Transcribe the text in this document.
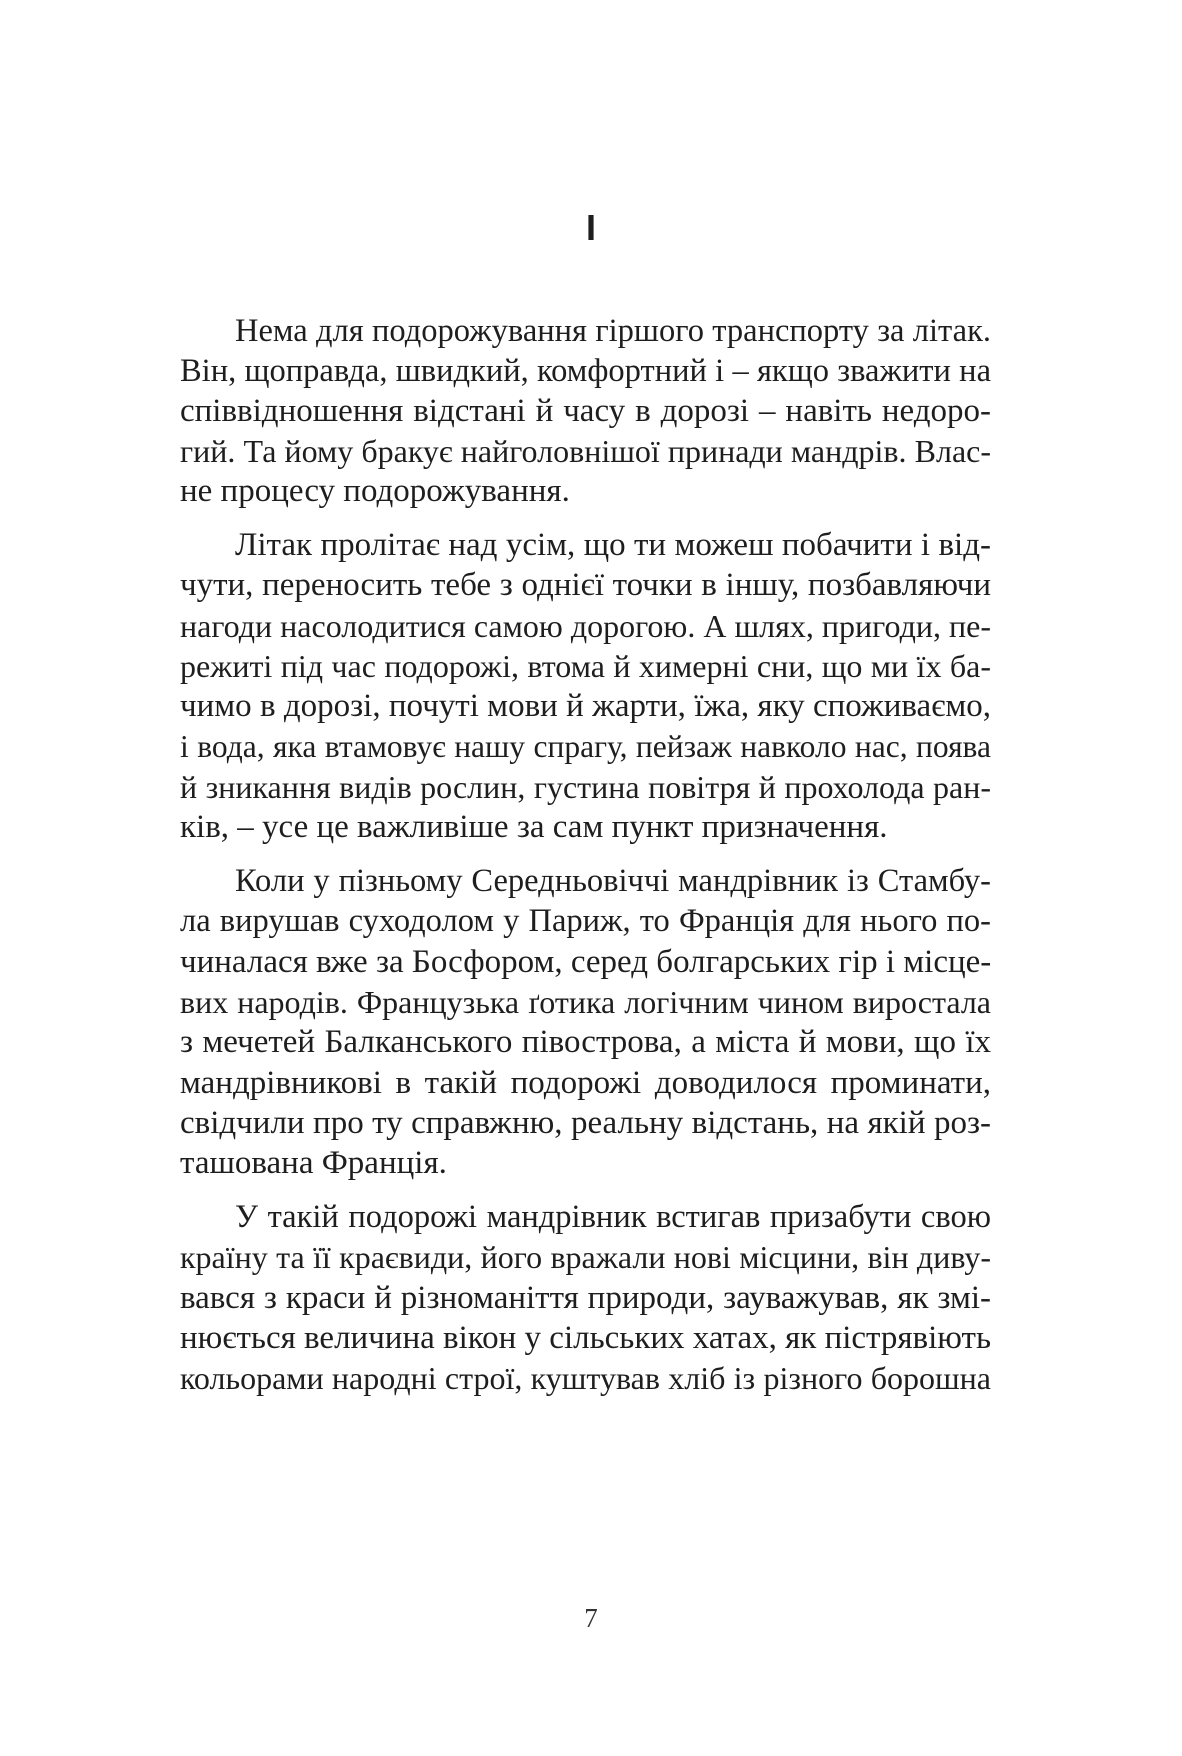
I
Нема для подорожування гіршого транспорту за літак.
Він, щоправда, швидкий, комфортний і – якщо зважити на
співвідношення відстані й часу в дорозі – навіть недоро-
гий. Та йому бракує найголовнішої принади мандрів. Влас-
не процесу подорожування.
Літак пролітає над усім, що ти можеш побачити і від-
чути, переносить тебе з однієї точки в іншу, позбавляючи
нагоди насолодитися самою дорогою. А шлях, пригоди, пе-
режиті під час подорожі, втома й химерні сни, що ми їх ба-
чимо в дорозі, почуті мови й жарти, їжа, яку споживаємо,
і вода, яка втамовує нашу спрагу, пейзаж навколо нас, поява
й зникання видів рослин, густина повітря й прохолода ран-
ків, – усе це важливіше за сам пункт призначення.
Коли у пізньому Середньовіччі мандрівник із Стамбу-
ла вирушав суходолом у Париж, то Франція для нього по-
чиналася вже за Босфором, серед болгарських гір і місце-
вих народів. Французька ґотика логічним чином виростала
з мечетей Балканського півострова, а міста й мови, що їх
мандрівникові в такій подорожі доводилося проминати,
свідчили про ту справжню, реальну відстань, на якій роз-
ташована Франція.
У такій подорожі мандрівник встигав призабути свою
країну та її краєвиди, його вражали нові місцини, він диву-
вався з краси й різноманіття природи, зауважував, як змі-
нюється величина вікон у сільських хатах, як пістрявіють
кольорами народні строї, куштував хліб із різного борошна
7
